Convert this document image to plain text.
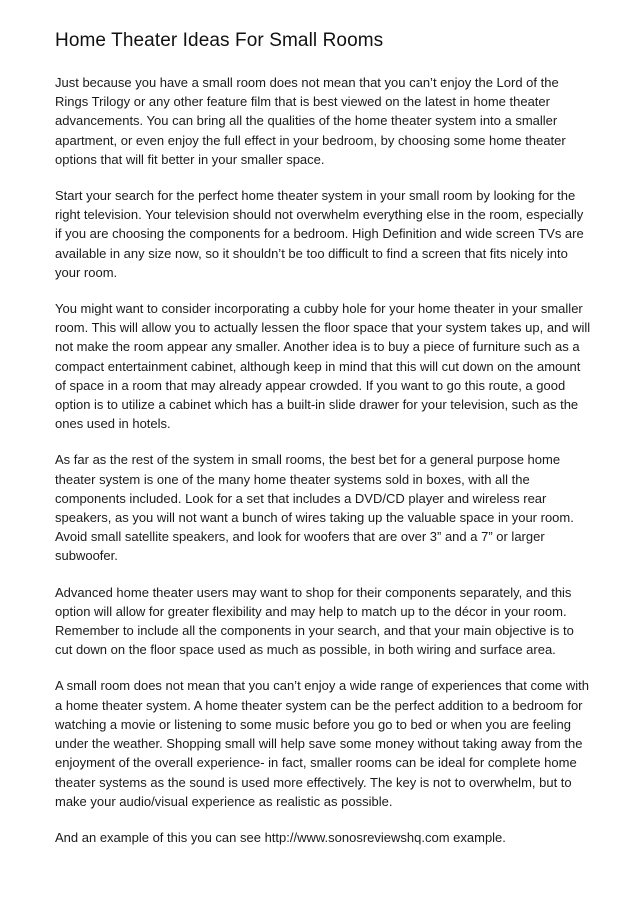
Home Theater Ideas For Small Rooms

Just because you have a small room does not mean that you can’t enjoy the Lord of the
Rings Trilogy or any other feature film that is best viewed on the latest in home theater
advancements. You can bring all the qualities of the home theater system into a smaller
apartment, or even enjoy the full effect in your bedroom, by choosing some home theater
options that will fit better in your smaller space.

Start your search for the perfect home theater system in your small room by looking for the
right television. Your television should not overwhelm everything else in the room, especially
if you are choosing the components for a bedroom. High Definition and wide screen TVs are
available in any size now, so it shouldn’t be too difficult to find a screen that fits nicely into
your room.

You might want to consider incorporating a cubby hole for your home theater in your smaller
room. This will allow you to actually lessen the floor space that your system takes up, and will
not make the room appear any smaller. Another idea is to buy a piece of furniture such as a
compact entertainment cabinet, although keep in mind that this will cut down on the amount
of space in a room that may already appear crowded. If you want to go this route, a good
option is to utilize a cabinet which has a built-in slide drawer for your television, such as the
ones used in hotels.

As far as the rest of the system in small rooms, the best bet for a general purpose home
theater system is one of the many home theater systems sold in boxes, with all the
components included. Look for a set that includes a DVD/CD player and wireless rear
speakers, as you will not want a bunch of wires taking up the valuable space in your room.
Avoid small satellite speakers, and look for woofers that are over 3” and a 7” or larger
subwoofer.

Advanced home theater users may want to shop for their components separately, and this
option will allow for greater flexibility and may help to match up to the décor in your room.
Remember to include all the components in your search, and that your main objective is to
cut down on the floor space used as much as possible, in both wiring and surface area.

A small room does not mean that you can’t enjoy a wide range of experiences that come with
a home theater system. A home theater system can be the perfect addition to a bedroom for
watching a movie or listening to some music before you go to bed or when you are feeling
under the weather. Shopping small will help save some money without taking away from the
enjoyment of the overall experience- in fact, smaller rooms can be ideal for complete home
theater systems as the sound is used more effectively. The key is not to overwhelm, but to
make your audio/visual experience as realistic as possible.

And an example of this you can see http://www.sonosreviewshq.com example.
